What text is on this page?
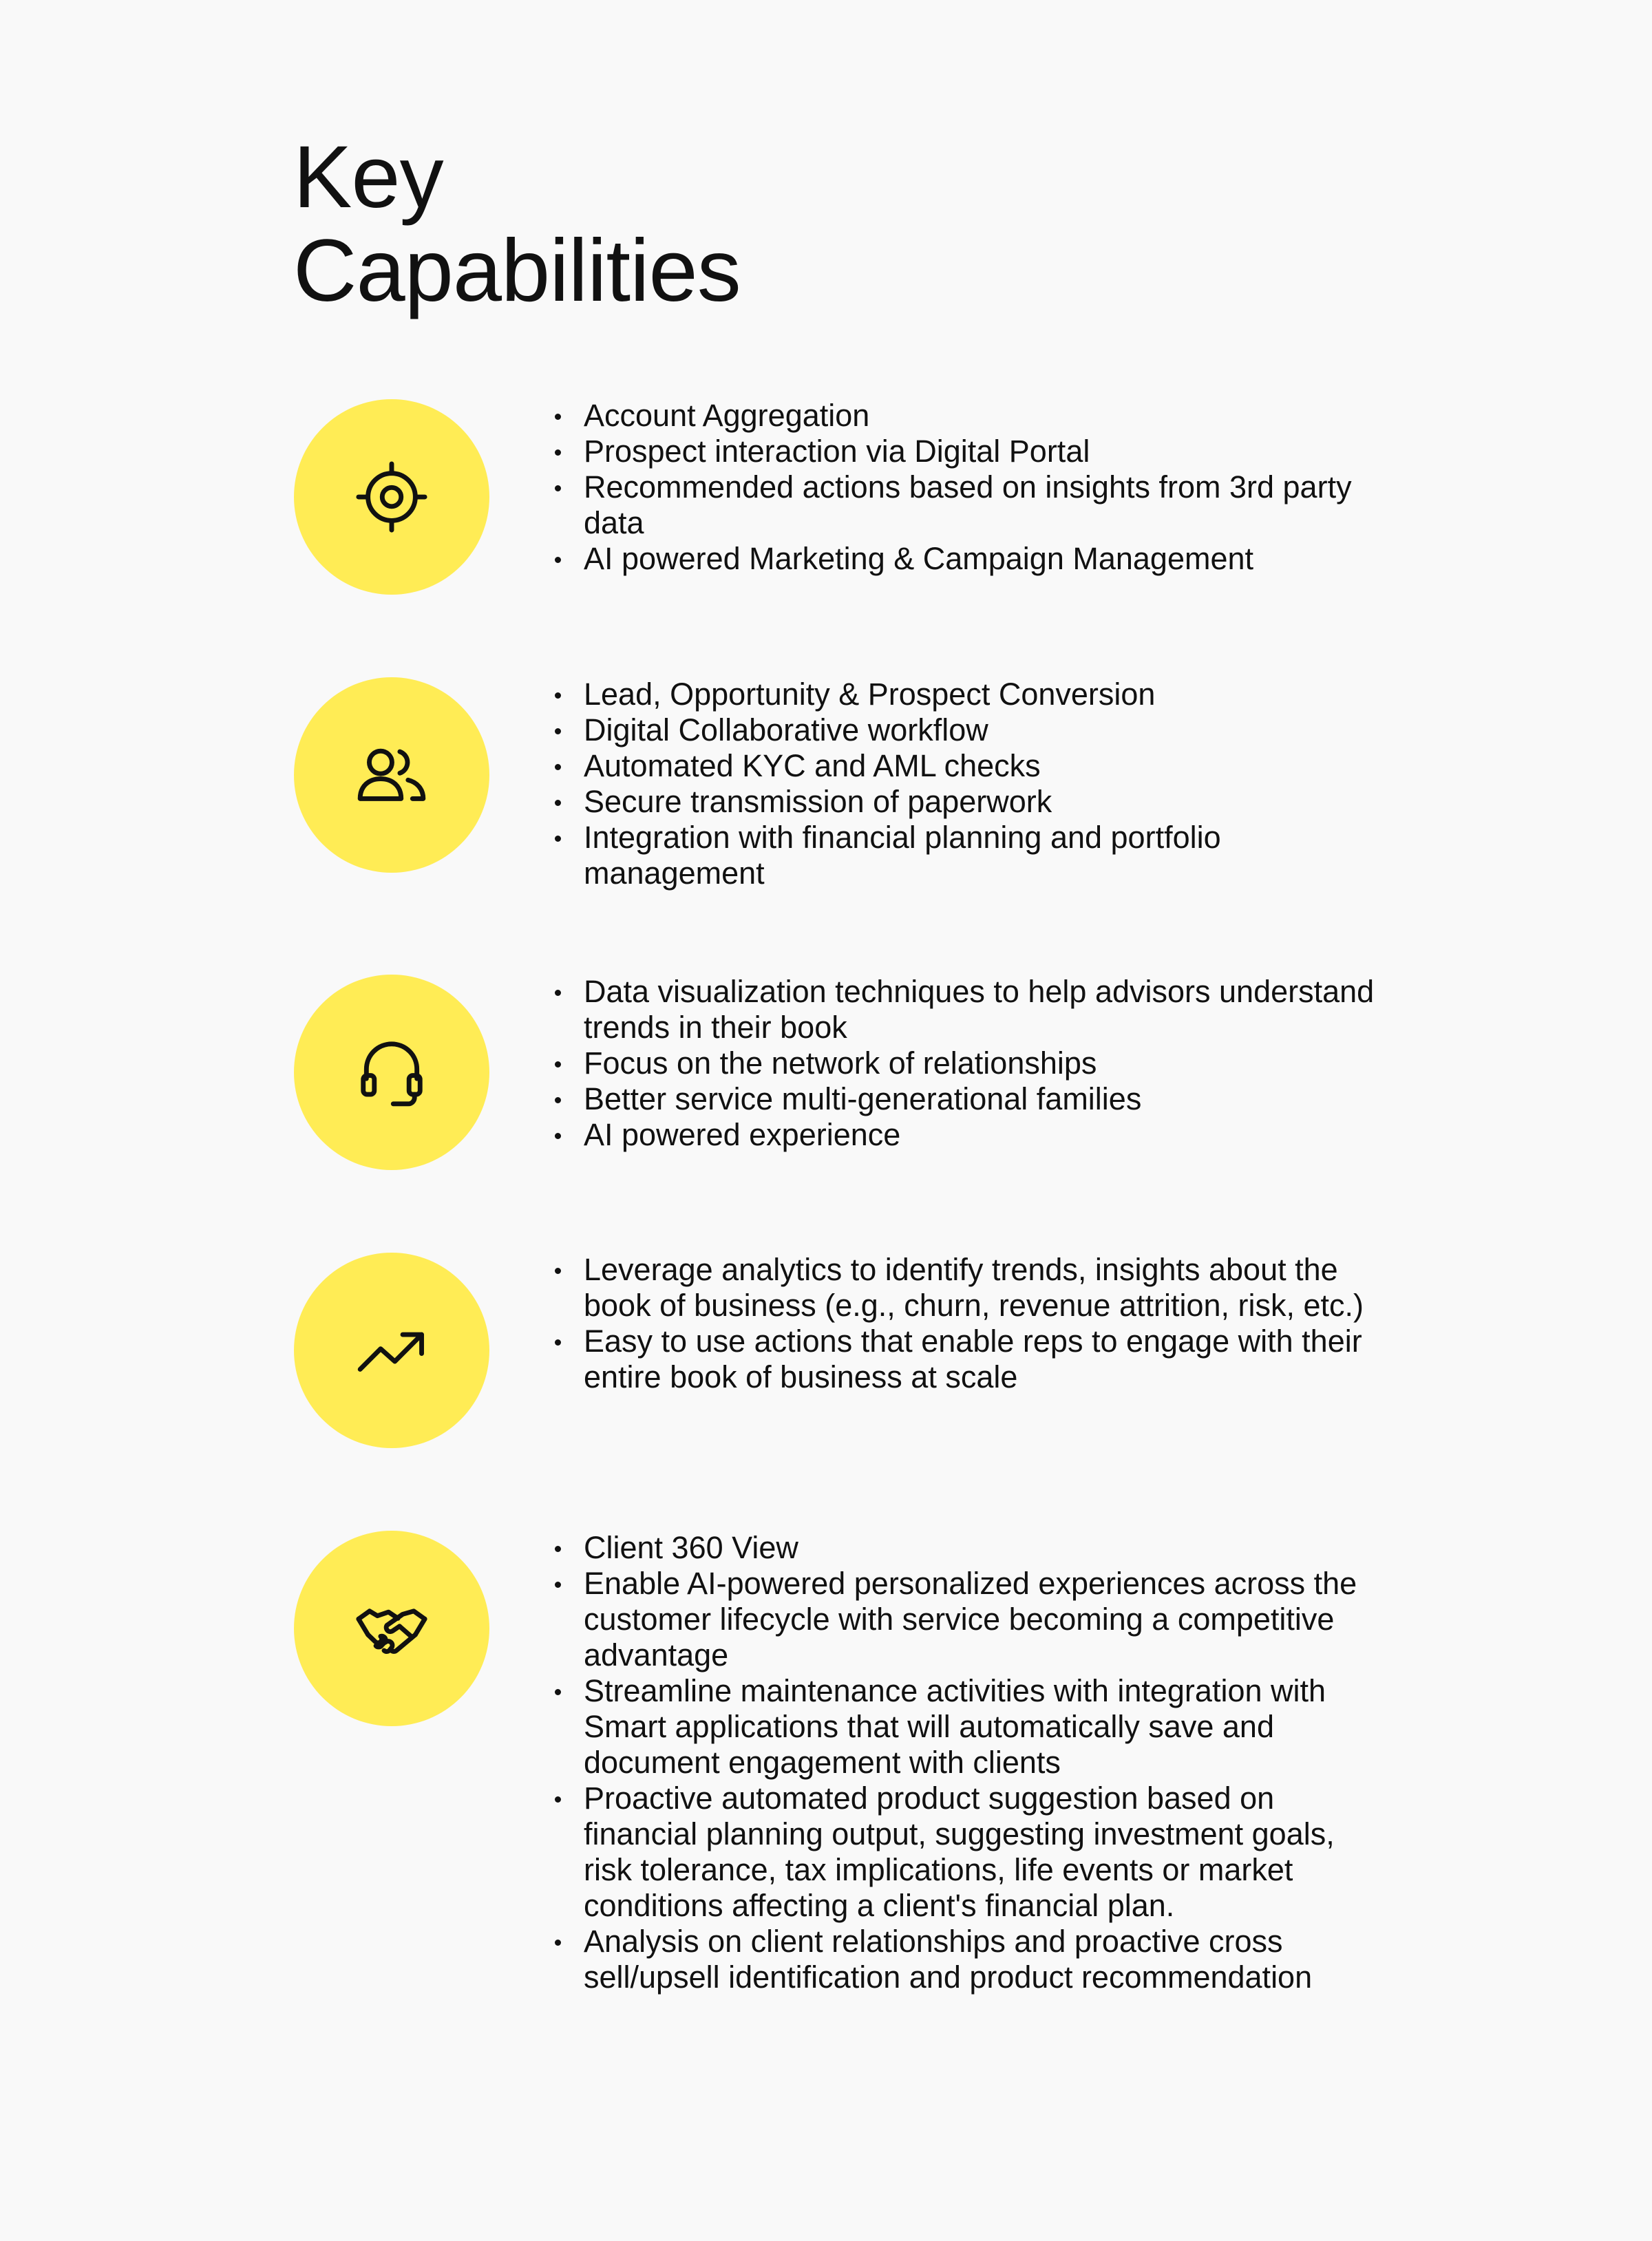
Key
Capabilities
Account Aggregation
Prospect interaction via Digital Portal
Recommended actions based on insights from 3rd party data
AI powered Marketing & Campaign Management
Lead, Opportunity & Prospect Conversion
Digital Collaborative workflow
Automated KYC and AML checks
Secure transmission of paperwork
Integration with financial planning and portfolio management
Data visualization techniques to help advisors understand trends in their book
Focus on the network of relationships
Better service multi-generational families
AI powered experience
Leverage analytics to identify trends, insights about the book of business (e.g., churn, revenue attrition, risk, etc.)
Easy to use actions that enable reps to engage with their entire book of business at scale
Client 360 View
Enable AI-powered personalized experiences across the customer lifecycle with service becoming a competitive advantage
Streamline maintenance activities with integration with Smart applications that will automatically save and document engagement with clients
Proactive automated product suggestion based on financial planning output, suggesting investment goals, risk tolerance, tax implications, life events or market conditions affecting a client's financial plan.
Analysis on client relationships and proactive cross sell/upsell identification and product recommendation
